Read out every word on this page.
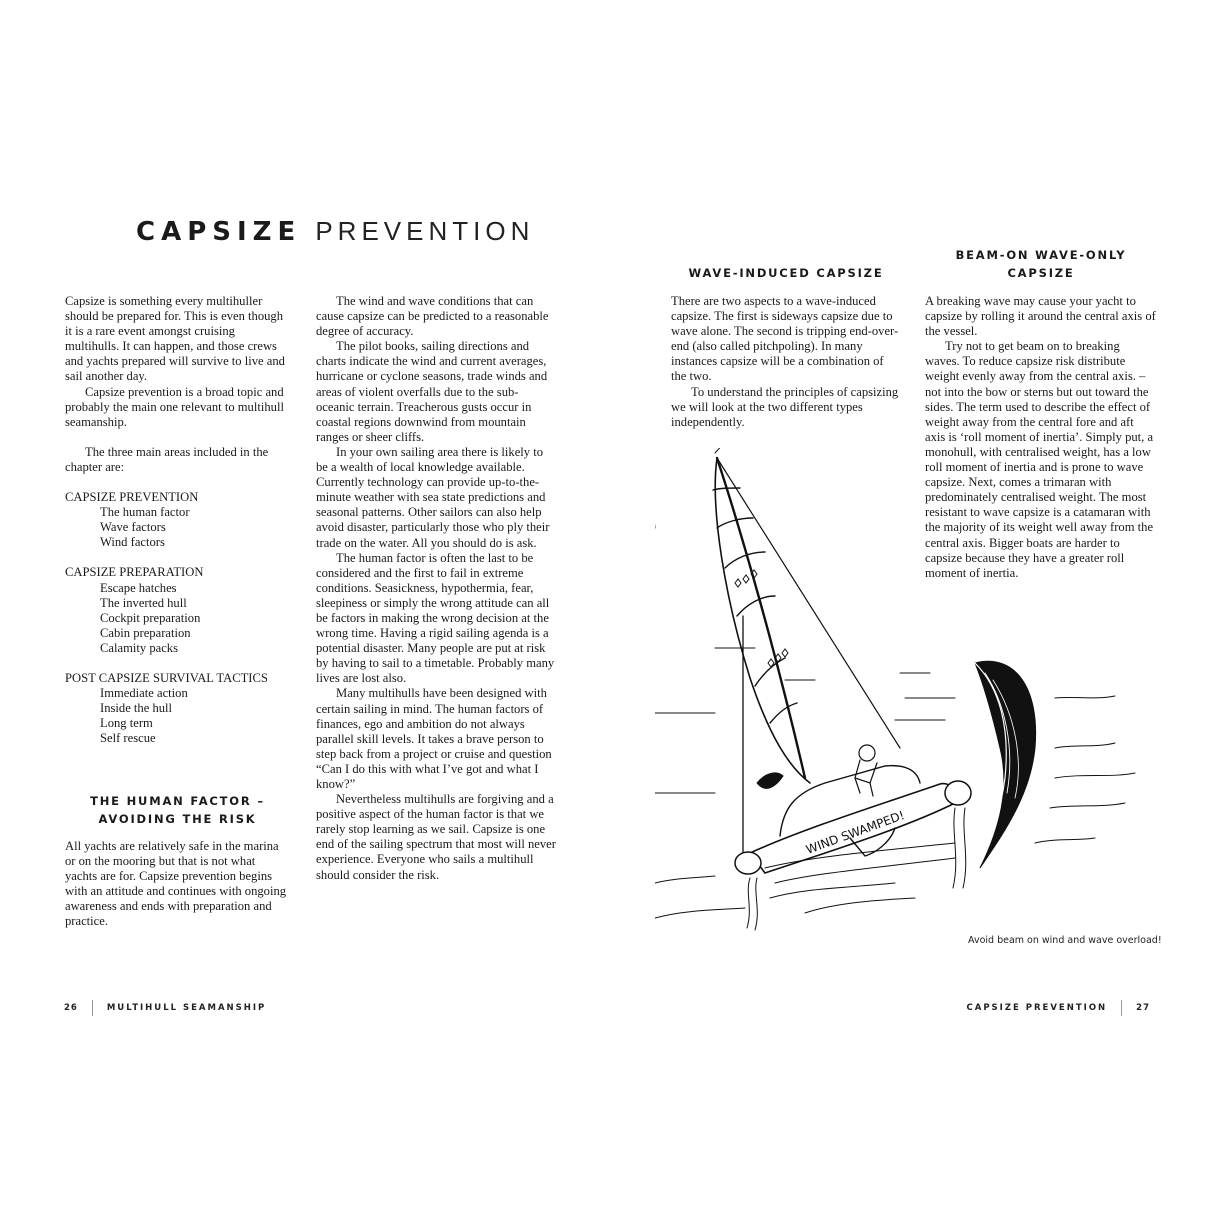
CAPSIZE PREVENTION

Capsize is something every multihuller should be prepared for. This is even though it is a rare event amongst cruising multihulls. It can happen, and those crews and yachts prepared will survive to live and sail another day.

Capsize prevention is a broad topic and probably the main one relevant to multihull seamanship.

The three main areas included in the chapter are:

CAPSIZE PREVENTION
The human factor
Wave factors
Wind factors
CAPSIZE PREPARATION
Escape hatches
The inverted hull
Cockpit preparation
Cabin preparation
Calamity packs
POST CAPSIZE SURVIVAL TACTICS
Immediate action
Inside the hull
Long term
Self rescue
THE HUMAN FACTOR –
AVOIDING THE RISK

All yachts are relatively safe in the marina or on the mooring but that is not what yachts are for. Capsize prevention begins with an attitude and continues with ongoing awareness and ends with preparation and practice.

The wind and wave conditions that can cause capsize can be predicted to a reasonable degree of accuracy.

The pilot books, sailing directions and charts indicate the wind and current averages, hurricane or cyclone seasons, trade winds and areas of violent overfalls due to the sub-oceanic terrain. Treacherous gusts occur in coastal regions downwind from mountain ranges or sheer cliffs.

In your own sailing area there is likely to be a wealth of local knowledge available. Currently technology can provide up-to-the-minute weather with sea state predictions and seasonal patterns. Other sailors can also help avoid disaster, particularly those who ply their trade on the water. All you should do is ask.

The human factor is often the last to be considered and the first to fail in extreme conditions. Seasickness, hypothermia, fear, sleepiness or simply the wrong attitude can all be factors in making the wrong decision at the wrong time. Having a rigid sailing agenda is a potential disaster. Many people are put at risk by having to sail to a timetable. Probably many lives are lost also.

Many multihulls have been designed with certain sailing in mind. The human factors of finances, ego and ambition do not always parallel skill levels. It takes a brave person to step back from a project or cruise and question “Can I do this with what I’ve got and what I know?”

Nevertheless multihulls are forgiving and a positive aspect of the human factor is that we rarely stop learning as we sail. Capsize is one end of the sailing spectrum that most will never experience. Everyone who sails a multihull should consider the risk.

WAVE-INDUCED CAPSIZE

There are two aspects to a wave-induced capsize. The first is sideways capsize due to wave alone. The second is tripping end-over-end (also called pitchpoling). In many instances capsize will be a combination of the two.

To understand the principles of capsizing we will look at the two different types independently.

BEAM-ON WAVE-ONLY
CAPSIZE

A breaking wave may cause your yacht to capsize by rolling it around the central axis of the vessel.

Try not to get beam on to breaking waves. To reduce capsize risk distribute weight evenly away from the central axis. – not into the bow or sterns but out toward the sides. The term used to describe the effect of weight away from the central fore and aft axis is ‘roll moment of inertia’. Simply put, a monohull, with centralised weight, has a low roll moment of inertia and is prone to wave capsize. Next, comes a trimaran with predominately centralised weight. The most resistant to wave capsize is a catamaran with the majority of its weight well away from the central axis. Bigger boats are harder to capsize because they have a greater roll moment of inertia.

WIND SWAMPED!
Avoid beam on wind and wave overload!
26	MULTIHULL SEAMANSHIP	CAPSIZE PREVENTION	27
